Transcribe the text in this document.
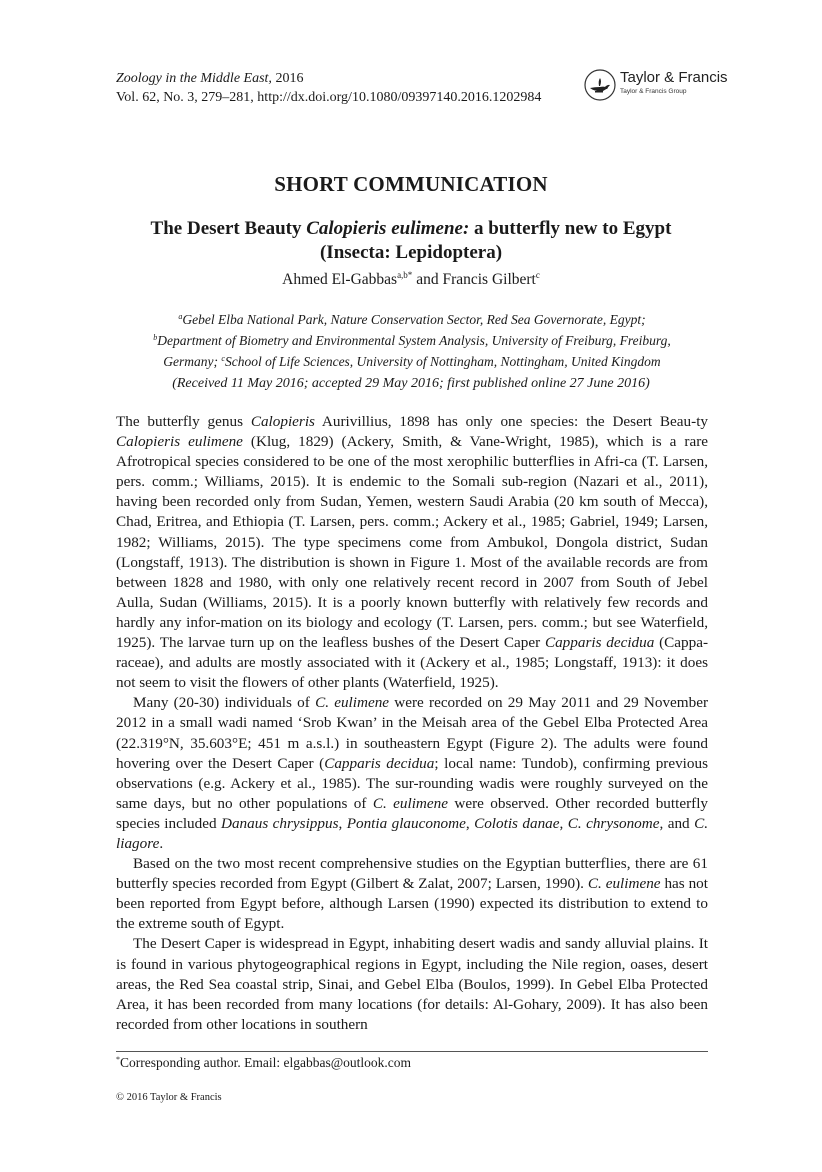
Zoology in the Middle East, 2016
Vol. 62, No. 3, 279–281, http://dx.doi.org/10.1080/09397140.2016.1202984
Taylor & Francis
Taylor & Francis Group
SHORT COMMUNICATION
The Desert Beauty Calopieris eulimene: a butterfly new to Egypt
(Insecta: Lepidoptera)
Ahmed El-Gabbas$^{a,b*}$ and Francis Gilbert$^c$
$^a$Gebel Elba National Park, Nature Conservation Sector, Red Sea Governorate, Egypt;
$^b$Department of Biometry and Environmental System Analysis, University of Freiburg, Freiburg,
Germany; $^c$School of Life Sciences, University of Nottingham, Nottingham, United Kingdom
(Received 11 May 2016; accepted 29 May 2016; first published online 27 June 2016)

The butterfly genus Calopieris Aurivillius, 1898 has only one species: the Desert Beau-ty Calopieris eulimene (Klug, 1829) (Ackery, Smith, & Vane-Wright, 1985), which is a rare Afrotropical species considered to be one of the most xerophilic butterflies in Afri-ca (T. Larsen, pers. comm.; Williams, 2015). It is endemic to the Somali sub-region (Nazari et al., 2011), having been recorded only from Sudan, Yemen, western Saudi Arabia (20 km south of Mecca), Chad, Eritrea, and Ethiopia (T. Larsen, pers. comm.; Ackery et al., 1985; Gabriel, 1949; Larsen, 1982; Williams, 2015). The type specimens come from Ambukol, Dongola district, Sudan (Longstaff, 1913). The distribution is shown in Figure 1. Most of the available records are from between 1828 and 1980, with only one relatively recent record in 2007 from South of Jebel Aulla, Sudan (Williams, 2015). It is a poorly known butterfly with relatively few records and hardly any infor-mation on its biology and ecology (T. Larsen, pers. comm.; but see Waterfield, 1925). The larvae turn up on the leafless bushes of the Desert Caper Capparis decidua (Cappa-raceae), and adults are mostly associated with it (Ackery et al., 1985; Longstaff, 1913): it does not seem to visit the flowers of other plants (Waterfield, 1925).

Many (20-30) individuals of C. eulimene were recorded on 29 May 2011 and 29 November 2012 in a small wadi named ‘Srob Kwan’ in the Meisah area of the Gebel Elba Protected Area (22.319°N, 35.603°E; 451 m a.s.l.) in southeastern Egypt (Figure 2). The adults were found hovering over the Desert Caper (Capparis decidua; local name: Tundob), confirming previous observations (e.g. Ackery et al., 1985). The sur-rounding wadis were roughly surveyed on the same days, but no other populations of C. eulimene were observed. Other recorded butterfly species included Danaus chrysippus, Pontia glauconome, Colotis danae, C. chrysonome, and C. liagore.

Based on the two most recent comprehensive studies on the Egyptian butterflies, there are 61 butterfly species recorded from Egypt (Gilbert & Zalat, 2007; Larsen, 1990). C. eulimene has not been reported from Egypt before, although Larsen (1990) expected its distribution to extend to the extreme south of Egypt.

The Desert Caper is widespread in Egypt, inhabiting desert wadis and sandy alluvial plains. It is found in various phytogeographical regions in Egypt, including the Nile region, oases, desert areas, the Red Sea coastal strip, Sinai, and Gebel Elba (Boulos, 1999). In Gebel Elba Protected Area, it has been recorded from many locations (for details: Al-Gohary, 2009). It has also been recorded from other locations in southern

*Corresponding author. Email: elgabbas@outlook.com
© 2016 Taylor & Francis
